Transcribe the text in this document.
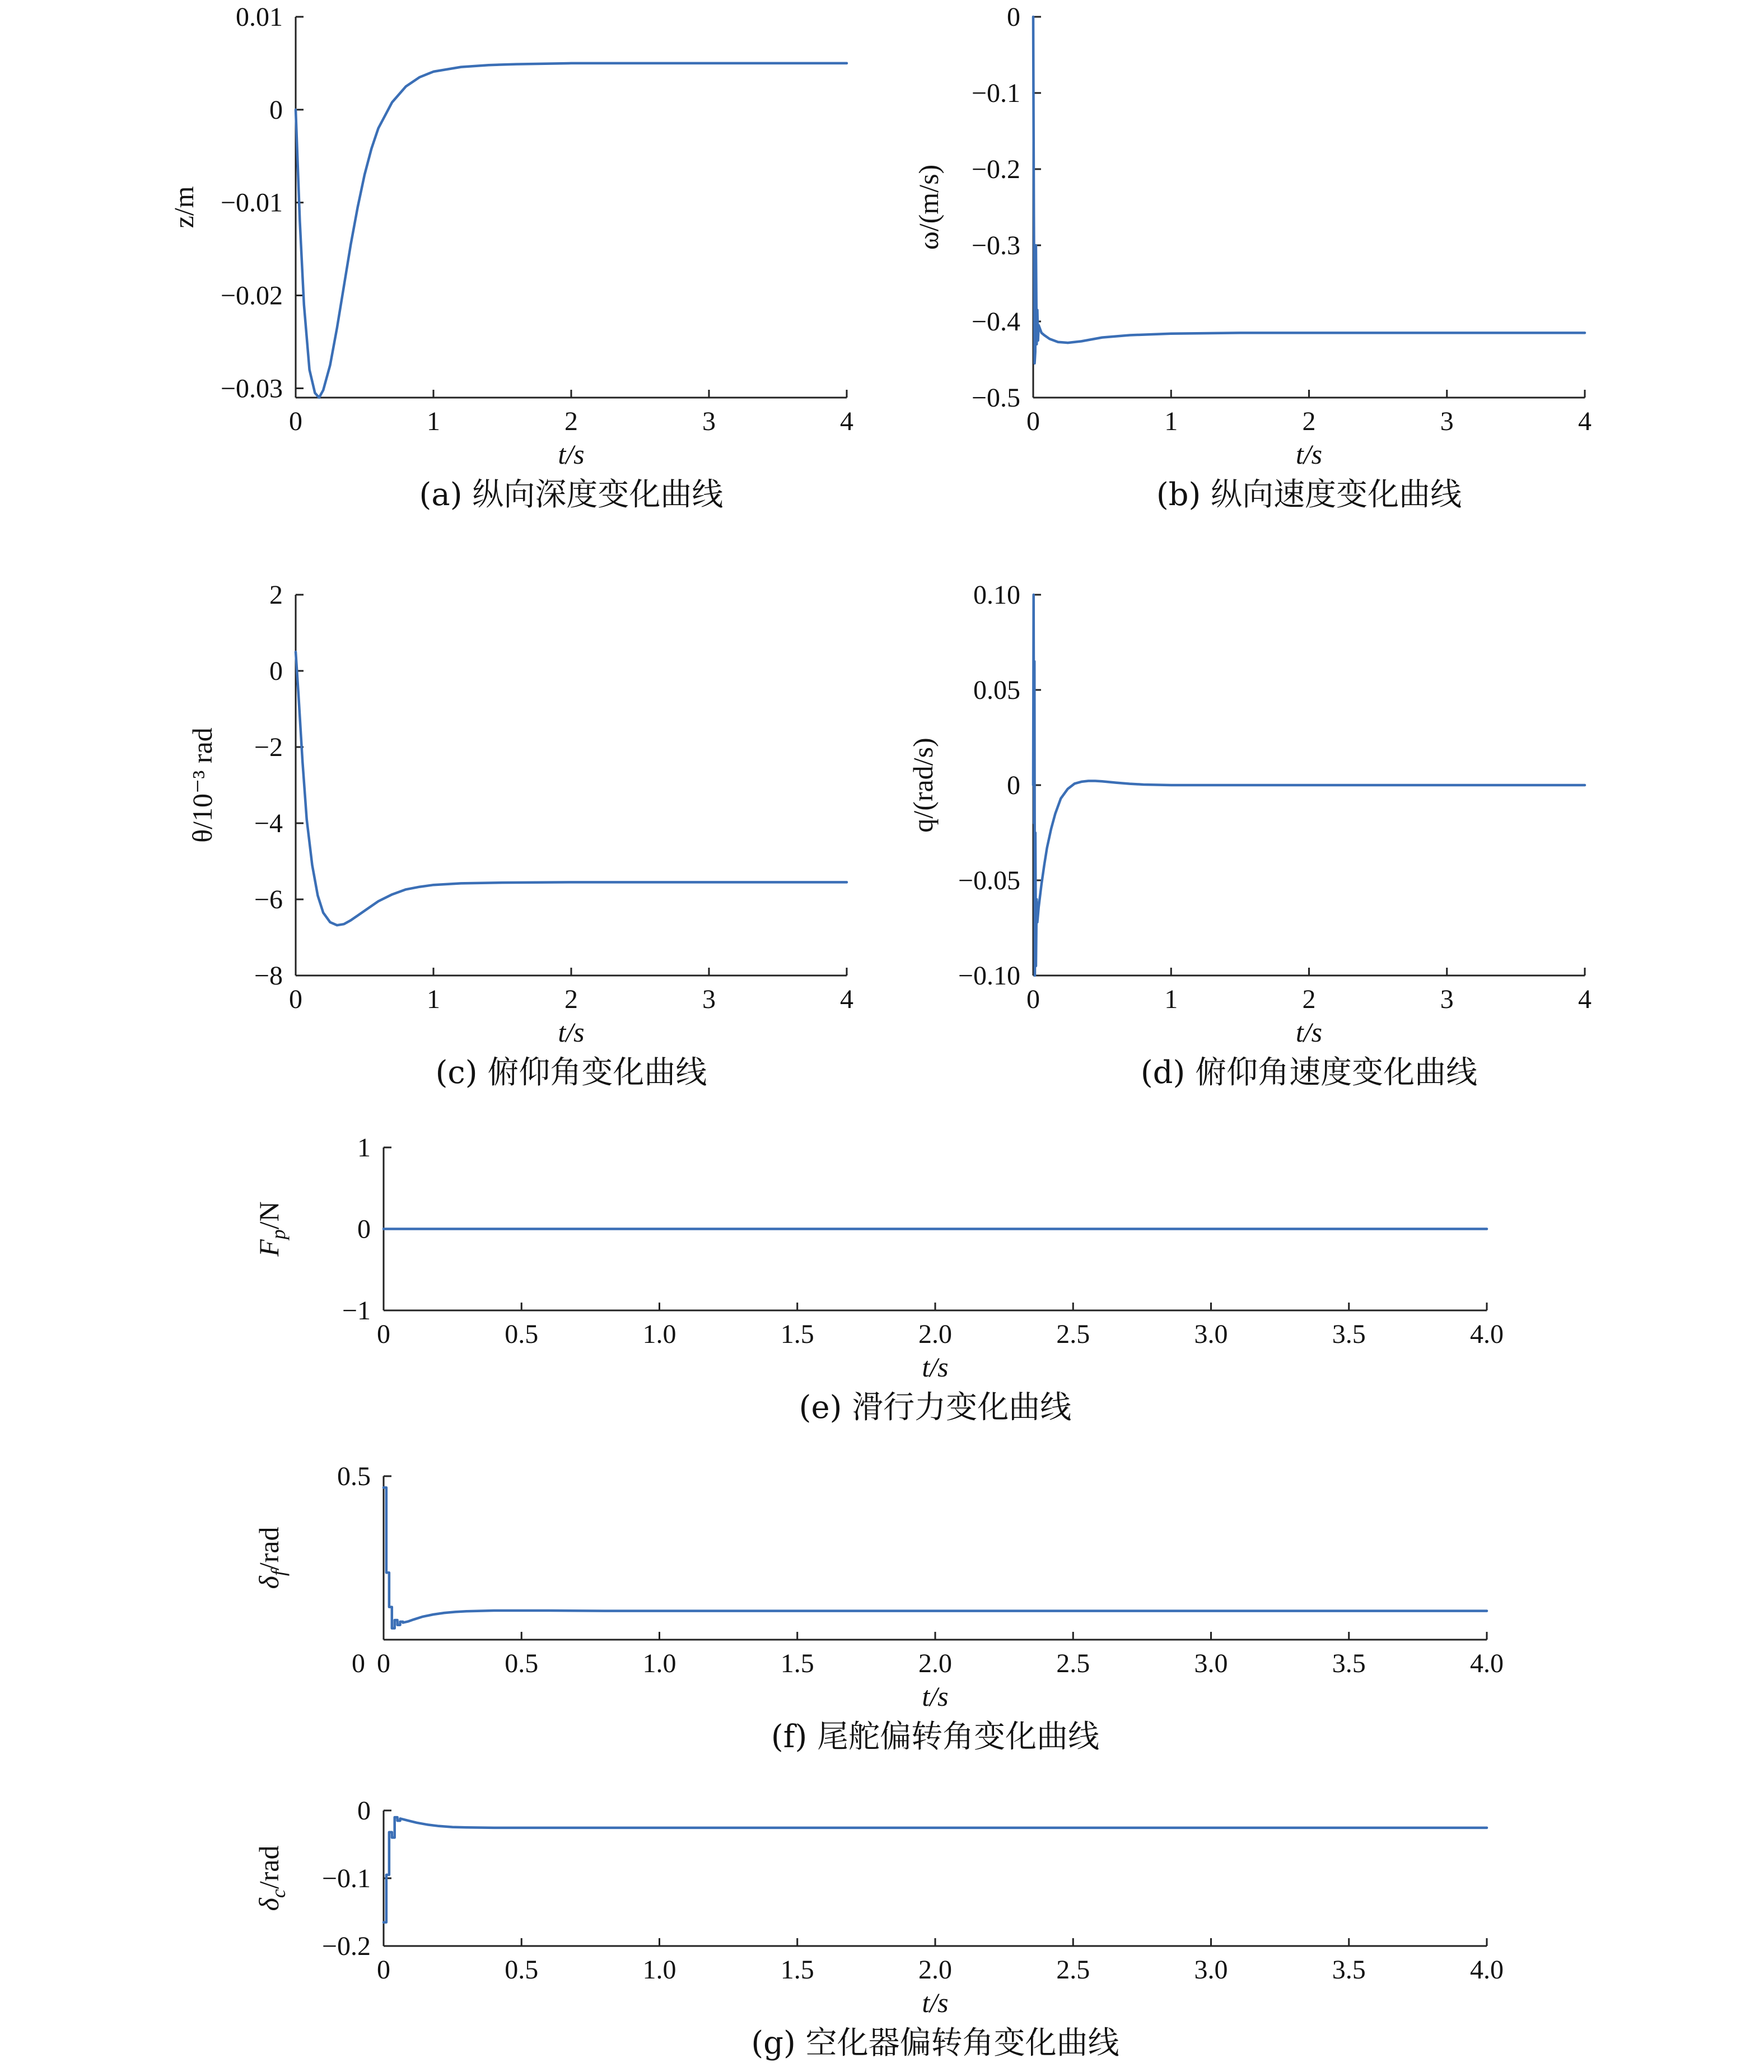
0	1	2	3	4
−0.03
−0.02
−0.01
0
0.01
t/s
z/m
(a) 纵向深度变化曲线
0	1	2	3	4
−0.5
−0.4
−0.3
−0.2
−0.1
0
t/s
ω/(m/s)
(b) 纵向速度变化曲线
0	1	2	3	4
−8
−6
−4
−2
0
2
t/s
θ/10⁻³ rad
(c) 俯仰角变化曲线
0	1	2	3	4
−0.10
−0.05
0
0.05
0.10
t/s
q/(rad/s)
(d) 俯仰角速度变化曲线
0	0.5	1.0	1.5	2.0	2.5	3.0	3.5	4.0
−1
0
1
t/s
$F_p/N$
(e) 滑行力变化曲线
0	0.5	1.0	1.5	2.0	2.5	3.0	3.5	4.0
0.5
0
t/s
$\delta_f$/rad
(f) 尾舵偏转角变化曲线
0	0.5	1.0	1.5	2.0	2.5	3.0	3.5	4.0
−0.2
−0.1
0
t/s
$\delta_c$/rad
(g) 空化器偏转角变化曲线
